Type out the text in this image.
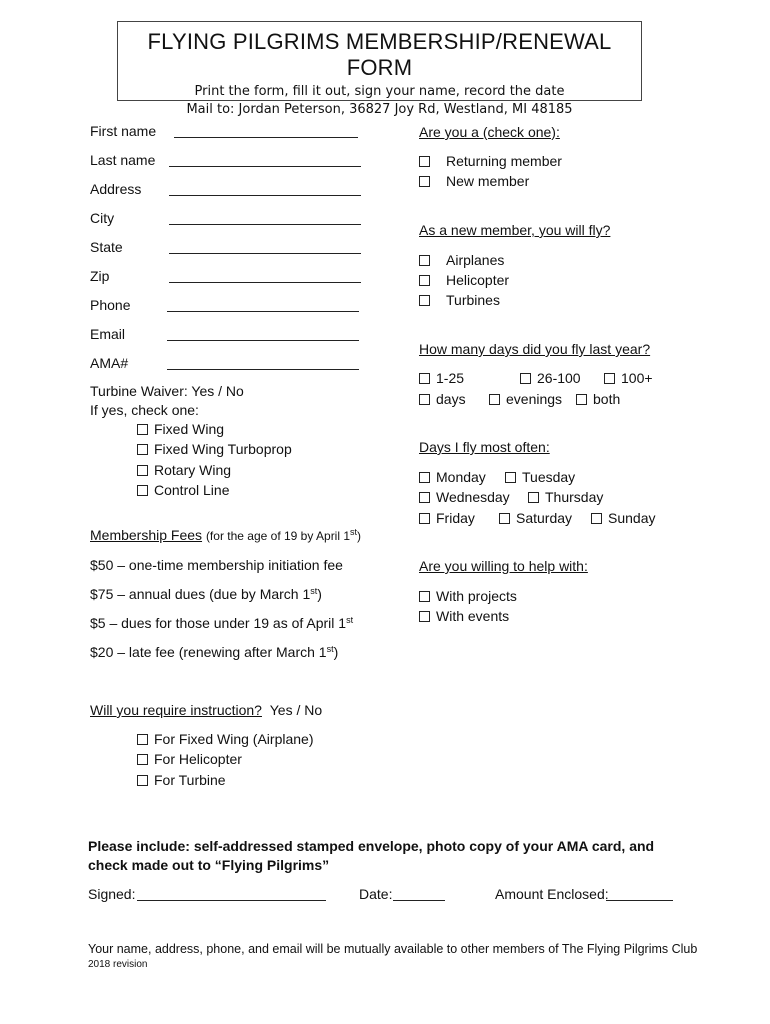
FLYING PILGRIMS MEMBERSHIP/RENEWAL FORM
Print the form, fill it out, sign your name, record the date
Mail to: Jordan Peterson, 36827 Joy Rd, Westland, MI 48185
First name
Last name
Address
City
State
Zip
Phone
Email
AMA#
Turbine Waiver: Yes / No
If yes, check one:
Fixed Wing
Fixed Wing Turboprop
Rotary Wing
Control Line
Membership Fees (for the age of 19 by April 1st)
$50 – one-time membership initiation fee
$75 – annual dues (due by March 1st)
$5 – dues for those under 19 as of April 1st
$20 – late fee (renewing after March 1st)
Will you require instruction? Yes / No
For Fixed Wing (Airplane)
For Helicopter
For Turbine
Are you a (check one):
Returning member
New member
As a new member, you will fly?
Airplanes
Helicopter
Turbines
How many days did you fly last year?
1-25	26-100	100+
days	evenings	both
Days I fly most often:
Monday	Tuesday
Wednesday	Thursday
Friday	Saturday	Sunday
Are you willing to help with:
With projects
With events
Please include: self-addressed stamped envelope, photo copy of your AMA card, and
check made out to “Flying Pilgrims”
Signed:	Date:	Amount Enclosed:
Your name, address, phone, and email will be mutually available to other members of The Flying Pilgrims Club
2018 revision
